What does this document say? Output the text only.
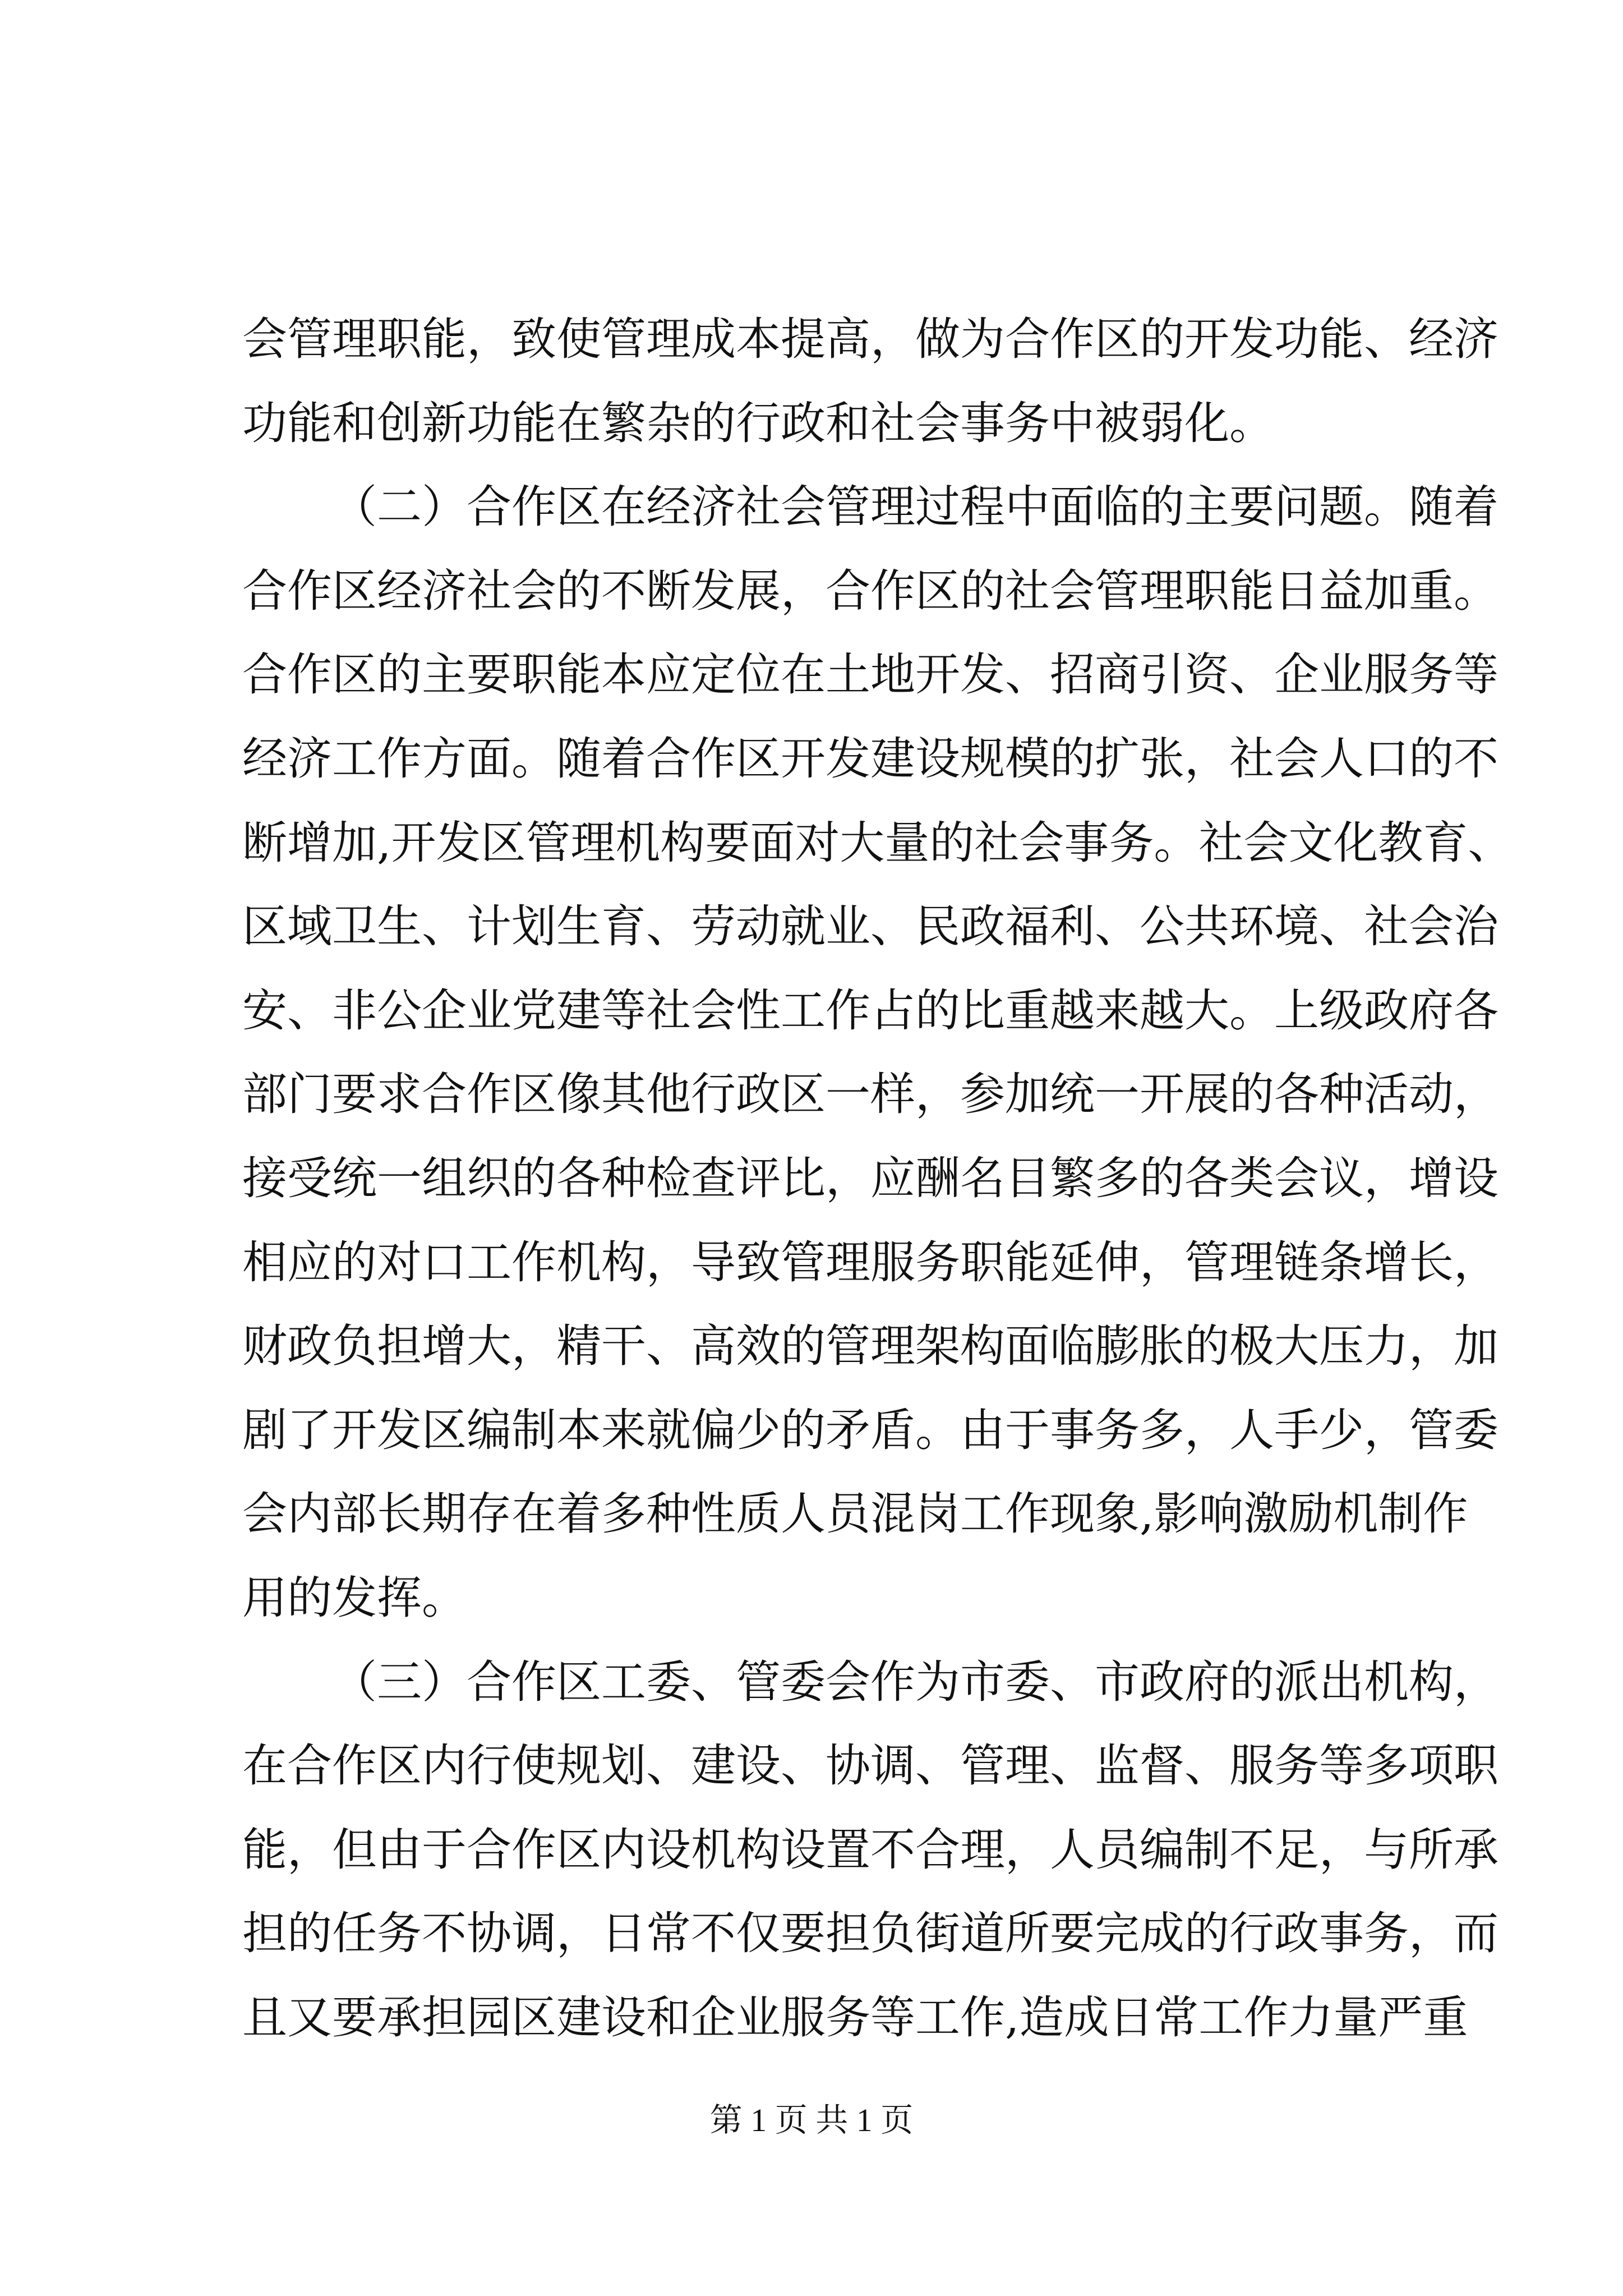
会管理职能，致使管理成本提高，做为合作区的开发功能、经济
功能和创新功能在繁杂的行政和社会事务中被弱化。
（二）合作区在经济社会管理过程中面临的主要问题。随着
合作区经济社会的不断发展，合作区的社会管理职能日益加重。
合作区的主要职能本应定位在土地开发、招商引资、企业服务等
经济工作方面。随着合作区开发建设规模的扩张，社会人口的不
断增加,开发区管理机构要面对大量的社会事务。社会文化教育、
区域卫生、计划生育、劳动就业、民政福利、公共环境、社会治
安、非公企业党建等社会性工作占的比重越来越大。上级政府各
部门要求合作区像其他行政区一样，参加统一开展的各种活动，
接受统一组织的各种检查评比，应酬名目繁多的各类会议，增设
相应的对口工作机构，导致管理服务职能延伸，管理链条增长，
财政负担增大，精干、高效的管理架构面临膨胀的极大压力，加
剧了开发区编制本来就偏少的矛盾。由于事务多，人手少，管委
会内部长期存在着多种性质人员混岗工作现象,影响激励机制作
用的发挥。
（三）合作区工委、管委会作为市委、市政府的派出机构，
在合作区内行使规划、建设、协调、管理、监督、服务等多项职
能，但由于合作区内设机构设置不合理，人员编制不足，与所承
担的任务不协调，日常不仅要担负街道所要完成的行政事务，而
且又要承担园区建设和企业服务等工作,造成日常工作力量严重
第 1 页 共 1 页
